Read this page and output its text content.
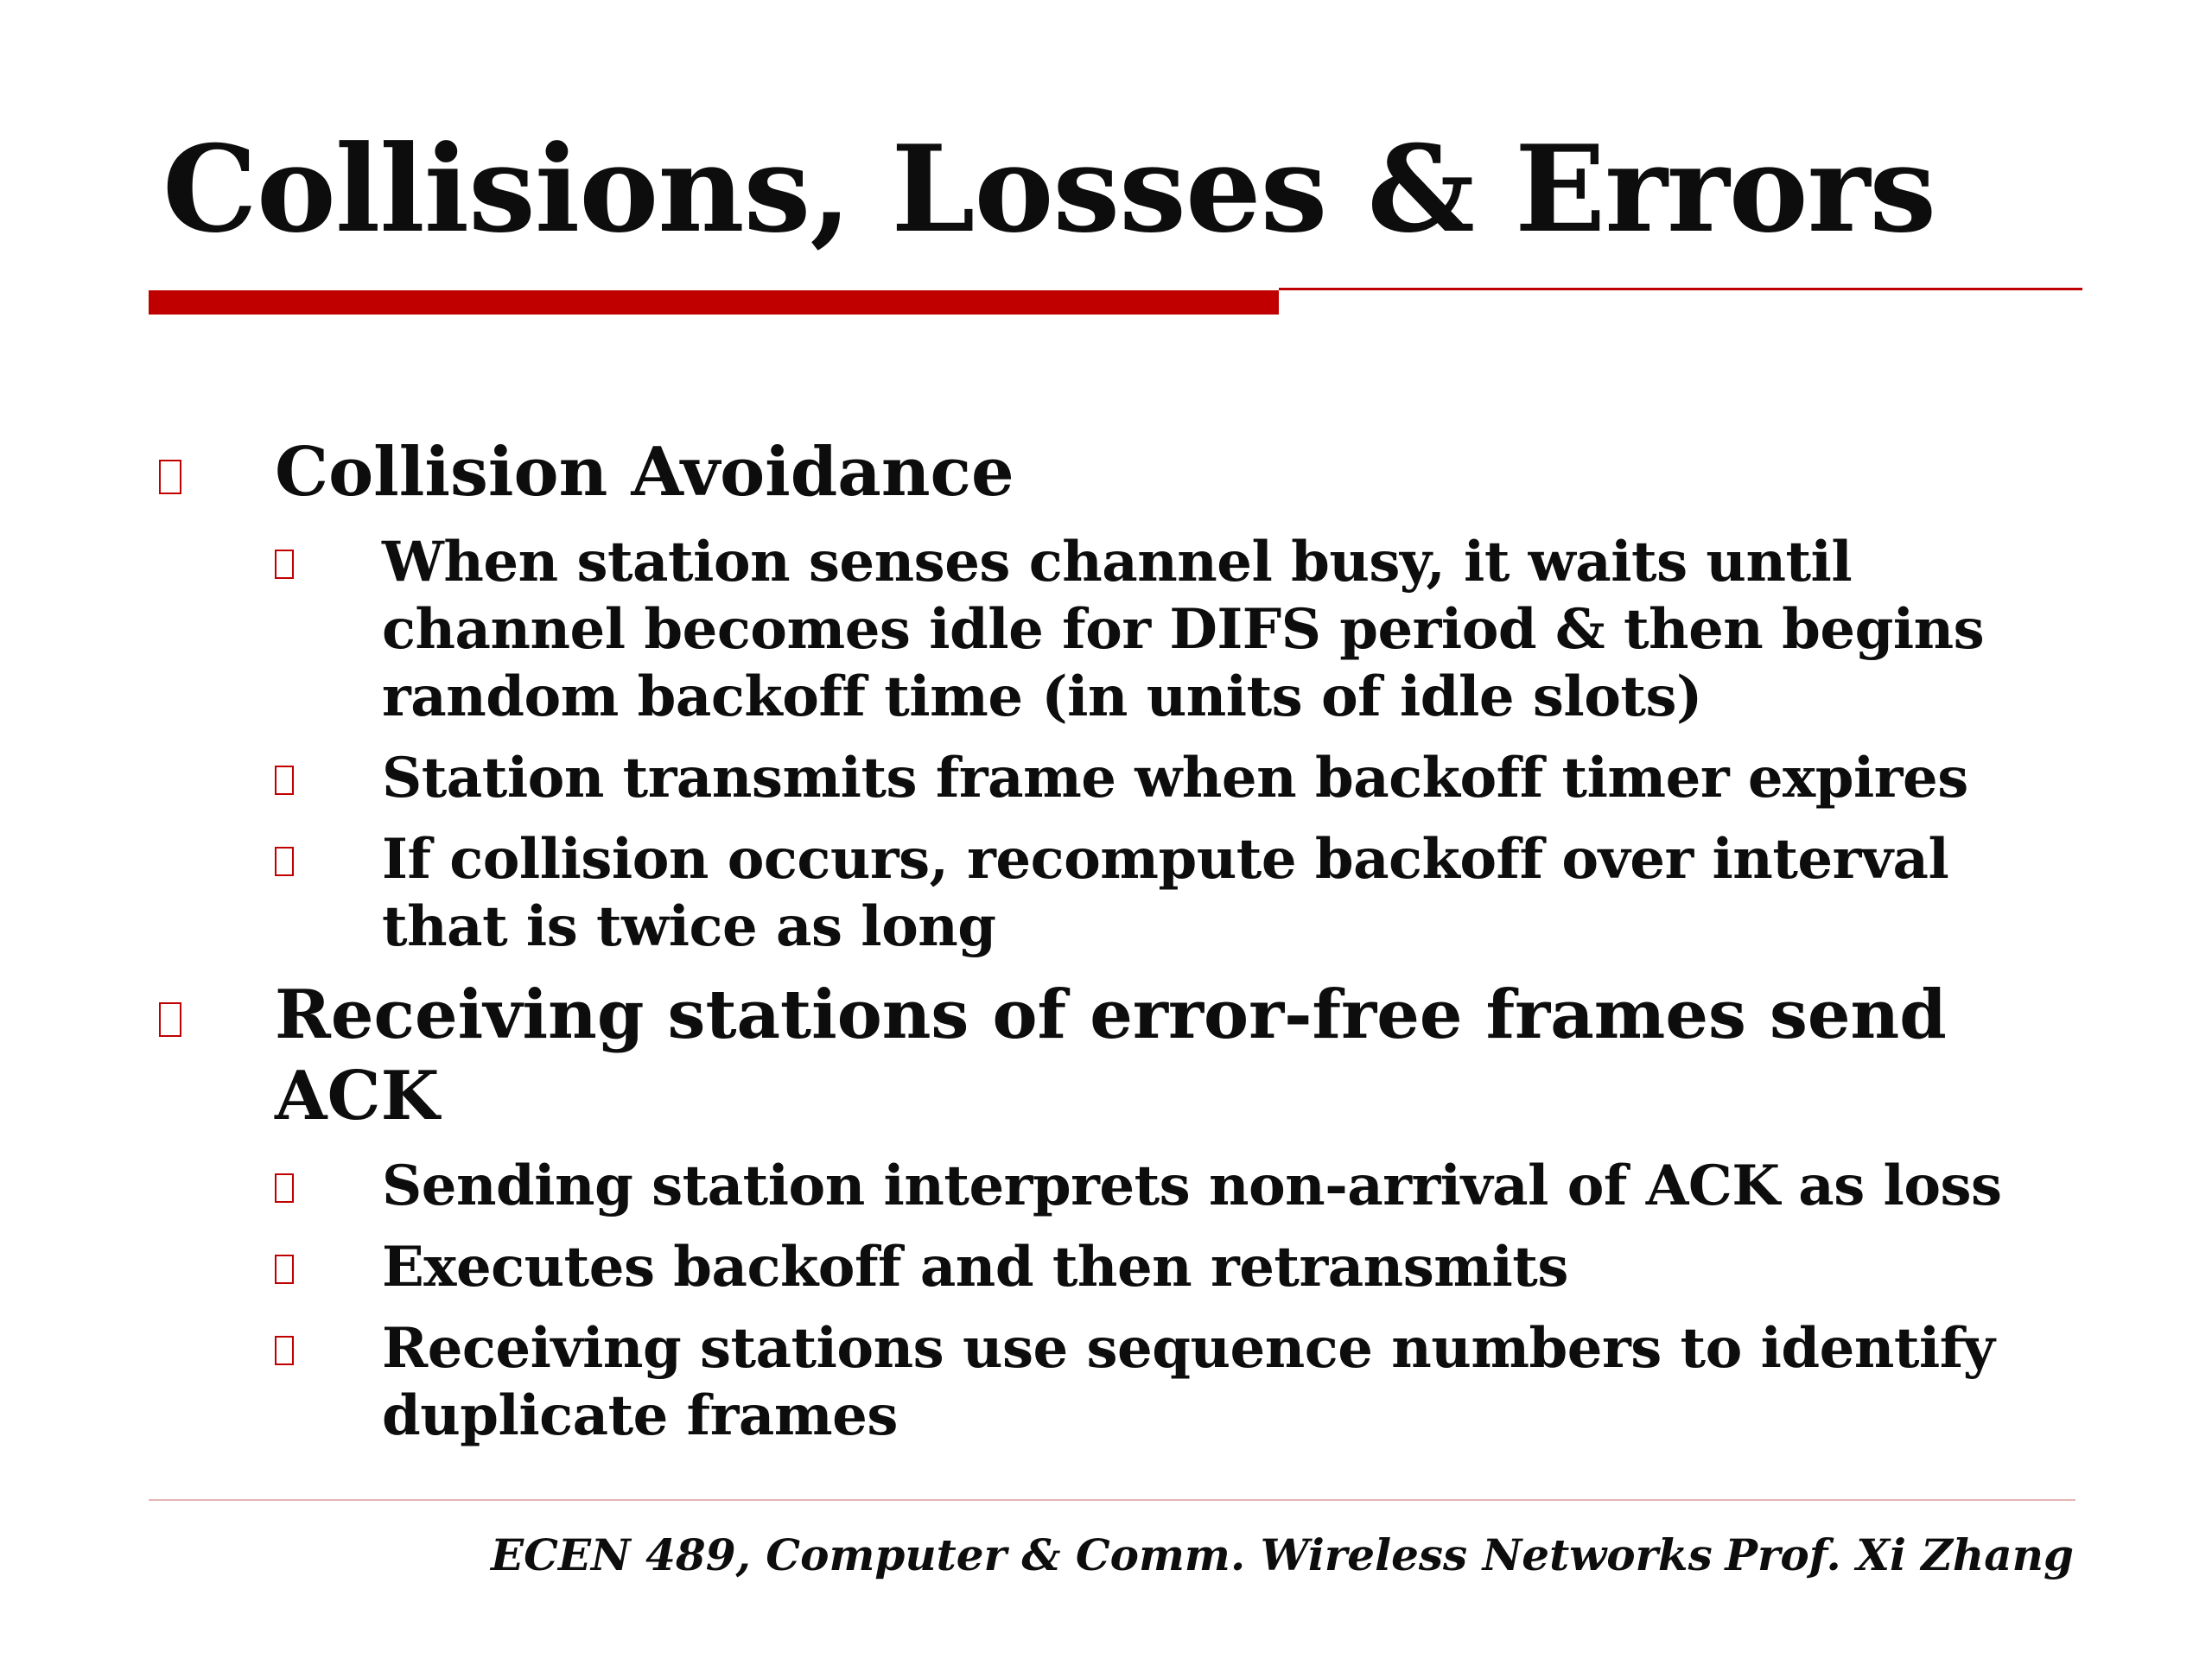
Collisions, Losses & Errors
Collision Avoidance
When station senses channel busy, it waits until channel becomes idle for DIFS period & then begins random backoff time (in units of idle slots)
Station transmits frame when backoff timer expires
If collision occurs, recompute backoff over interval that is twice as long
Receiving stations of error-free frames send ACK
Sending station interprets non-arrival of ACK as loss
Executes backoff and then retransmits
Receiving stations use sequence numbers to identify duplicate frames
ECEN 489, Computer & Comm. Wireless Networks Prof. Xi Zhang
